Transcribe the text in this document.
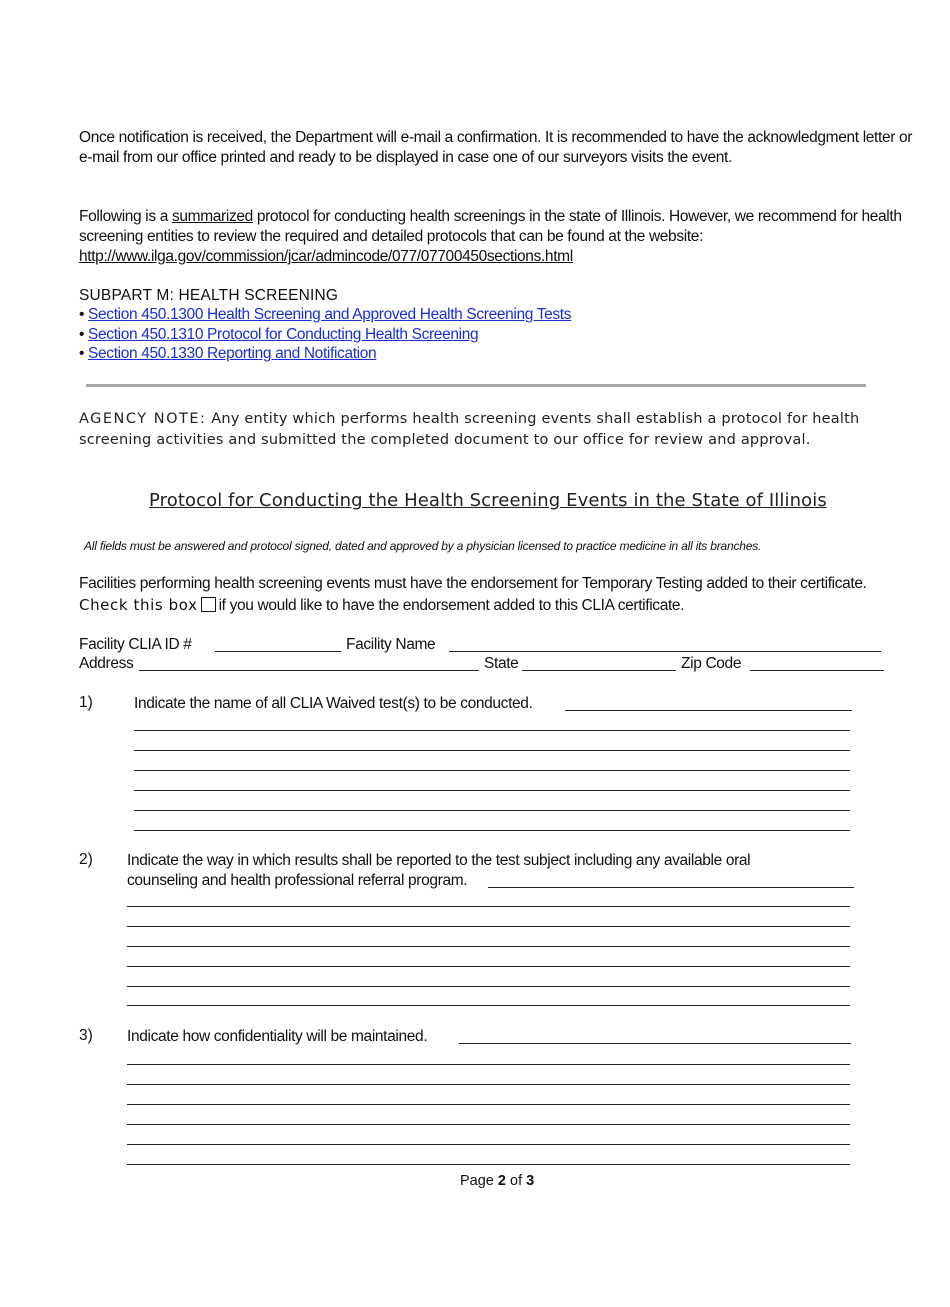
Once notification is received, the Department will e-mail a confirmation. It is recommended to have the acknowledgment letter or e-mail from our office printed and ready to be displayed in case one of our surveyors visits the event.

Following is a summarized protocol for conducting health screenings in the state of Illinois. However, we recommend for health screening entities to review the required and detailed protocols that can be found at the website:

http://www.ilga.gov/commission/jcar/admincode/077/07700450sections.html

SUBPART M: HEALTH SCREENING
• Section 450.1300 Health Screening and Approved Health Screening Tests
• Section 450.1310 Protocol for Conducting Health Screening
• Section 450.1330 Reporting and Notification
AGENCY NOTE: Any entity which performs health screening events shall establish a protocol for health
screening activities and submitted the completed document to our office for review and approval.
Protocol for Conducting the Health Screening Events in the State of Illinois
All fields must be answered and protocol signed, dated and approved by a physician licensed to practice medicine in all its branches.
Facilities performing health screening events must have the endorsement for Temporary Testing added to their certificate.
Check this box if you would like to have the endorsement added to this CLIA certificate.
Facility CLIA ID #	Facility Name
Address	State	Zip Code
1)	Indicate the name of all CLIA Waived test(s) to be conducted.
2) Indicate the way in which results shall be reported to the test subject including any available oral
counseling and health professional referral program.
3) Indicate how confidentiality will be maintained.
Page 2 of 3
